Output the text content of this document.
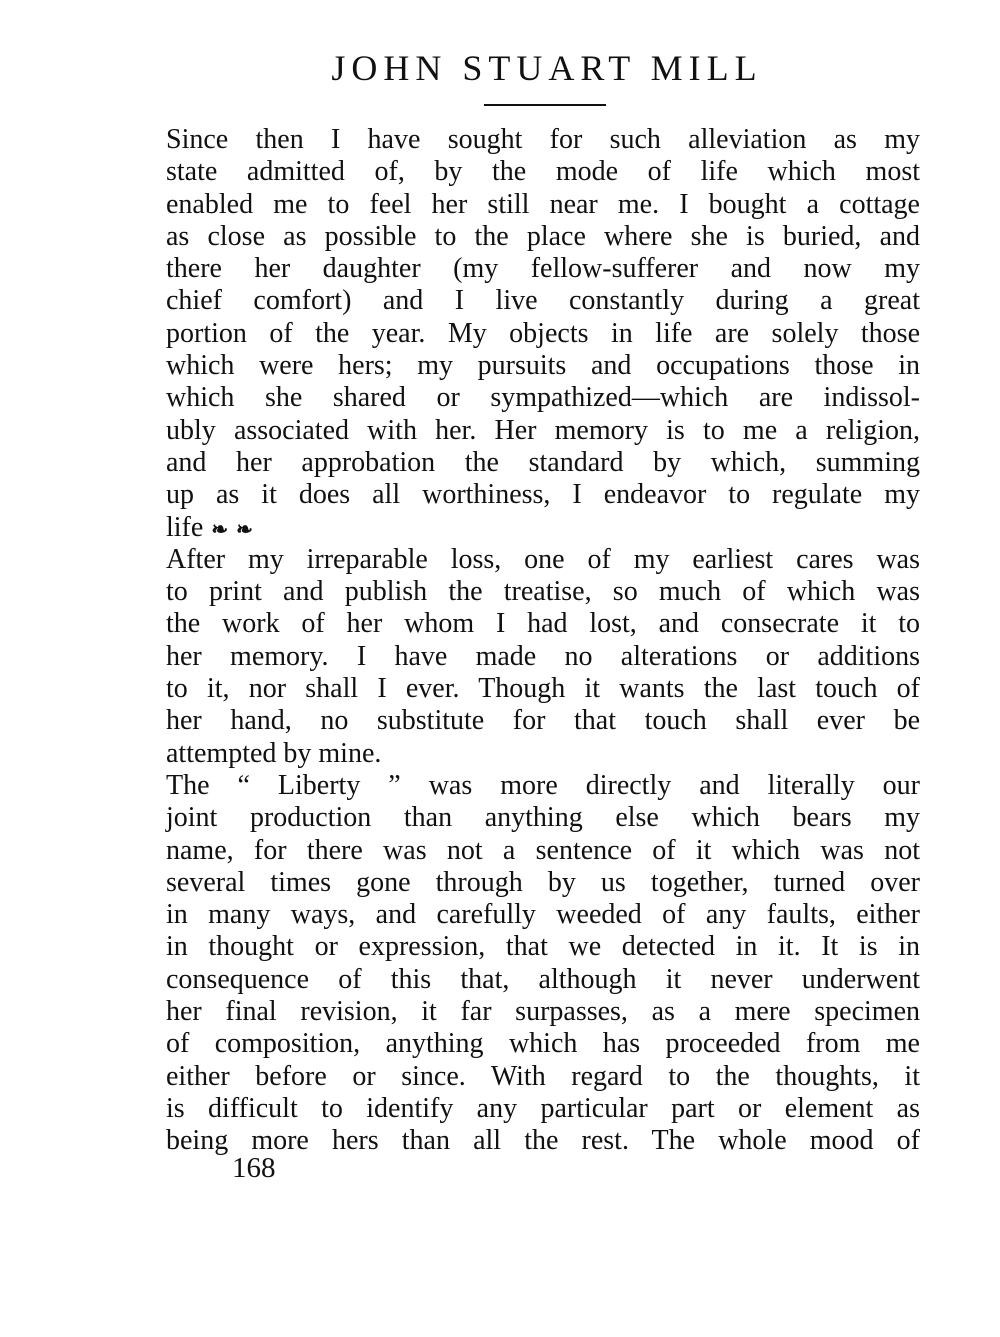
JOHN STUART MILL
Since then I have sought for such alleviation as my
state admitted of, by the mode of life which most
enabled me to feel her still near me. I bought a cottage
as close as possible to the place where she is buried, and
there her daughter (my fellow-sufferer and now my
chief comfort) and I live constantly during a great
portion of the year. My objects in life are solely those
which were hers; my pursuits and occupations those in
which she shared or sympathized—which are indissol-
ubly associated with her. Her memory is to me a religion,
and her approbation the standard by which, summing
up as it does all worthiness, I endeavor to regulate my
life ❧ ❧
After my irreparable loss, one of my earliest cares was
to print and publish the treatise, so much of which was
the work of her whom I had lost, and consecrate it to
her memory. I have made no alterations or additions
to it, nor shall I ever. Though it wants the last touch of
her hand, no substitute for that touch shall ever be
attempted by mine.
The “ Liberty ” was more directly and literally our
joint production than anything else which bears my
name, for there was not a sentence of it which was not
several times gone through by us together, turned over
in many ways, and carefully weeded of any faults, either
in thought or expression, that we detected in it. It is in
consequence of this that, although it never underwent
her final revision, it far surpasses, as a mere specimen
of composition, anything which has proceeded from me
either before or since. With regard to the thoughts, it
is difficult to identify any particular part or element as
being more hers than all the rest. The whole mood of
168
